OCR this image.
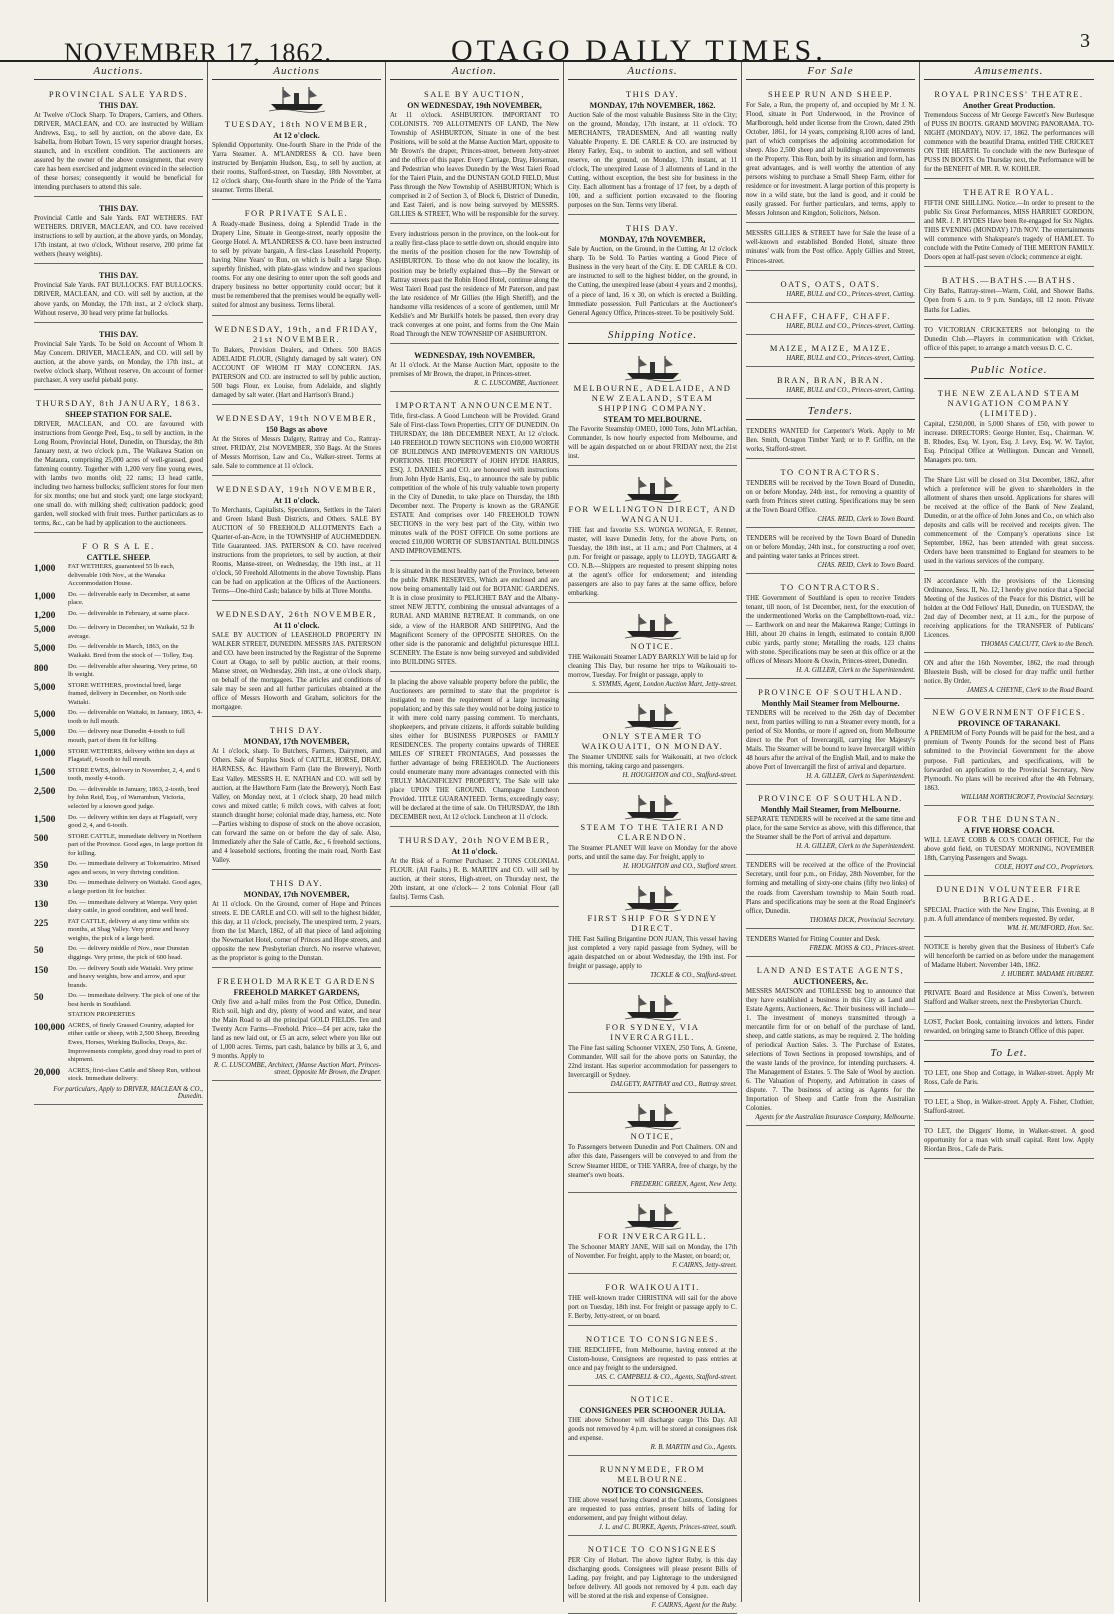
NOVEMBER 17, 1862.	OTAGO DAILY TIMES.	3
Auctions.
PROVINCIAL SALE YARDS.
THIS DAY.
At Twelve o'Clock Sharp. To Drapers, Carriers, and Others. DRIVER, MACLEAN, and CO. are instructed by William Andrews, Esq., to sell by auction, on the above date, Ex Isabella, from Hobart Town, 15 very superior draught horses, staunch, and in excellent condition. The auctioneers are assured by the owner of the above consignment, that every care has been exercised and judgment evinced in the selection of these horses; consequently it would be beneficial for intending purchasers to attend this sale.
THIS DAY.
Provincial Cattle and Sale Yards. FAT WETHERS. FAT WETHERS. DRIVER, MACLEAN, and CO. have received instructions to sell by auction, at the above yards, on Monday, 17th instant, at two o'clock, Without reserve, 200 prime fat wethers (heavy weights).
THIS DAY.
Provincial Sale Yards. FAT BULLOCKS. FAT BULLOCKS. DRIVER, MACLEAN, and CO. will sell by auction, at the above yards, on Monday, the 17th inst., at 2 o'clock sharp, Without reserve, 30 head very prime fat bullocks.
THIS DAY.
Provincial Sale Yards. To be Sold on Account of Whom It May Concern. DRIVER, MACLEAN, and CO. will sell by auction, at the above yards, on Monday, the 17th inst., at twelve o'clock sharp, Without reserve, On account of former purchaser, A very useful piebald pony.
THURSDAY, 8th JANUARY, 1863.
SHEEP STATION FOR SALE.
DRIVER, MACLEAN, and CO. are favoured with instructions from George Peel, Esq., to sell by auction, in the Long Room, Provincial Hotel, Dunedin, on Thursday, the 8th January next, at two o'clock p.m., The Waikawa Station on the Mataura, comprising 25,000 acres of well-grassed, good fattening country. Together with 1,200 very fine young ewes, with lambs two months old; 22 rams; 13 head cattle, including two harness bullocks; sufficient stores for four men for six months; one hut and stock yard; one large stockyard; one small do. with milking shed; cultivation paddock; good garden, well stocked with fruit trees. Further particulars as to terms, &c., can be had by application to the auctioneers.
F O R S A L E.
CATTLE. SHEEP.
1,000	FAT WETHERS, guaranteed 55 lb each, deliverable 10th Nov., at the Wanaka Accommodation House.
1,000	Do. — deliverable early in December, at same place.
1,200	Do. — deliverable in February, at same place.
5,000	Do. — delivery in December, on Waikaki, 52 lb average.
5,000	Do. — deliverable in March, 1863, on the Waikaki. Bred from the stock of — Tolley, Esq.
800	Do. — deliverable after shearing. Very prime, 60 lb weight.
5,000	STORE WETHERS, provincial bred, large framed, delivery in December, on North side Waitaki.
5,000	Do. — deliverable on Waitaki, in January, 1863, 4-tooth to full mouth.
5,000	Do. — delivery near Dunedin 4-tooth to full mouth, part of them fit for killing.
1,000	STORE WETHERS, delivery within ten days at Flagstaff, 6-tooth to full mouth.
1,500	STORE EWES, delivery in November, 2, 4, and 6 tooth, mostly 4-tooth.
2,500	Do. — deliverable in January, 1863, 2-tooth, bred by John Reid, Esq., of Warrambun, Victoria, selected by a known good judge.
1,500	Do. — delivery within ten days at Flagstaff, very good 2, 4, and 6-tooth.
500	STORE CATTLE, immediate delivery in Northern part of the Province. Good ages, in large portion fit for killing.
350	Do. — immediate delivery at Tokomairiro. Mixed ages and sexes, in very thriving condition.
330	Do. — immediate delivery on Waitaki. Good ages, a large portion fit for butcher.
130	Do. — immediate delivery at Warepa. Very quiet dairy cattle, in good condition, and well bred.
225	FAT CATTLE, delivery at any time within six months, at Shag Valley. Very prime and heavy weights, the pick of a large herd.
50	Do. — delivery middle of Nov., near Dunstan diggings. Very prime, the pick of 600 head.
150	Do. — delivery South side Waitaki. Very prime and heavy weights, bow and arrow, and spur brands.
50	Do. — immediate delivery. The pick of one of the best herds in Southland.
STATION PROPERTIES
100,000 ACRES, of finely Grassed Country, adapted for either cattle or sheep, with 2,500 Sheep, Breeding Ewes, Horses, Working Bullocks, Drays, &c. Improvements complete, good dray road to port of shipment.
20,000	ACRES, first-class Cattle and Sheep Run, without stock. Immediate delivery.
For particulars, Apply to DRIVER, MACLEAN & CO., Dunedin.
Auctions
TUESDAY, 18th NOVEMBER,
At 12 o'clock.
Splendid Opportunity. One-fourth Share in the Pride of the Yarra Steamer. A. M'LANDRESS & CO. have been instructed by Benjamin Hudson, Esq., to sell by auction, at their rooms, Stafford-street, on Tuesday, 18th November, at 12 o'clock sharp, One-fourth share in the Pride of the Yarra steamer. Terms liberal.
FOR PRIVATE SALE.
A Ready-made Business, doing a Splendid Trade in the Drapery Line, Situate in George-street, nearly opposite the George Hotel. A. M'LANDRESS & CO. have been instructed to sell by private bargain, A first-class Leasehold Property, having Nine Years' to Run, on which is built a large Shop, superbly finished, with plate-glass window and two spacious rooms. For any one desiring to enter upon the soft goods and drapery business no better opportunity could occur; but it must be remembered that the premises would be equally well-suited for almost any business. Terms liberal.
WEDNESDAY, 19th, and FRIDAY, 21st NOVEMBER.
To Bakers, Provision Dealers, and Others. 500 BAGS ADELAIDE FLOUR, (Slightly damaged by salt water). ON ACCOUNT OF WHOM IT MAY CONCERN. JAS. PATERSON and CO. are instructed to sell by public auction, 500 bags Flour, ex Louise, from Adelaide, and slightly damaged by salt water. (Hart and Harrison's Brand.)
WEDNESDAY, 19th NOVEMBER,
150 Bags as above
At the Stores of Messrs Dalgety, Rattray and Co., Rattray-street. FRIDAY, 21st NOVEMBER, 350 Bags. At the Stores of Messrs Morrison, Law and Co., Walker-street. Terms at sale. Sale to commence at 11 o'clock.
WEDNESDAY, 19th NOVEMBER,
At 11 o'clock.
To Merchants, Capitalists, Speculators, Settlers in the Taieri and Green Island Bush Districts, and Others. SALE BY AUCTION of 50 FREEHOLD ALLOTMENTS Each a Quarter-of-an-Acre, in the TOWNSHIP of AUCHMEDDEN. Title Guaranteed. JAS. PATERSON & CO. have received instructions from the proprietors, to sell by auction, at their Rooms, Manse-street, on Wednesday, the 19th inst., at 11 o'clock, 50 Freehold Allotments in the above Township. Plans can be had on application at the Offices of the Auctioneers. Terms—One-third Cash; balance by bills at Three Months.
WEDNESDAY, 26th NOVEMBER,
At 11 o'clock.
SALE BY AUCTION of LEASEHOLD PROPERTY IN WALKER STREET, DUNEDIN. MESSRS JAS. PATERSON and CO. have been instructed by the Registrar of the Supreme Court at Otago, to sell by public auction, at their rooms, Manse street, on Wednesday, 26th inst., at one o'clock sharp, on behalf of the mortgagees. The articles and conditions of sale may be seen and all further particulars obtained at the office of Messrs Howorth and Graham, solicitors for the mortgagee.
THIS DAY.
MONDAY, 17th NOVEMBER,
At 1 o'clock, sharp. To Butchers, Farmers, Dairymen, and Others. Sale of Surplus Stock of CATTLE, HORSE, DRAY, HARNESS, &c. Hawthorn Farm (late the Brewery), North East Valley. MESSRS H. E. NATHAN and CO. will sell by auction, at the Hawthorn Farm (late the Brewery), North East Valley, on Monday next, at 1 o'clock sharp, 20 head milch cows and mixed cattle; 6 milch cows, with calves at foot; staunch draught horse; colonial made dray, harness, etc. Note—Parties wishing to dispose of stock on the above occasion, can forward the same on or before the day of sale. Also, Immediately after the Sale of Cattle, &c., 6 freehold sections, and 4 leasehold sections, fronting the main road, North East Valley.
THIS DAY.
MONDAY, 17th NOVEMBER,
At 11 o'clock. On the Ground, corner of Hope and Princes streets. E. DE CARLE and CO. will sell to the highest bidder, this day, at 11 o'clock, precisely, The unexpired term, 2 years, from the 1st March, 1862, of all that piece of land adjoining the Newmarket Hotel, corner of Princes and Hope streets, and opposite the new Presbyterian church. No reserve whatever, as the proprietor is going to the Dunstan.
FREEHOLD MARKET GARDENS
FREEHOLD MARKET GARDENS,
Only five and a-half miles from the Post Office, Dunedin. Rich soil, high and dry, plenty of wood and water, and near the Main Road to all the principal GOLD FIELDS. Ten and Twenty Acre Farms—Freehold. Price—£4 per acre, take the land as new laid out, or £5 an acre, select where you like out of 1,000 acres. Terms, part cash, balance by bills at 3, 6, and 9 months. Apply to
R. C. LUSCOMBE, Architect, (Manse Auction Mart, Princes-street, Opposite Mr Brown, the Draper.
Auction.
SALE BY AUCTION,
ON WEDNESDAY, 19th NOVEMBER,
At 11 o'clock. ASHBURTON. IMPORTANT TO COLONISTS. 709 ALLOTMENTS OF LAND, The New Township of ASHBURTON, Situate in one of the best Positions, will be sold at the Manse Auction Mart, opposite to Mr Brown's the draper, Princes-street, between Jetty-street and the office of this paper. Every Carriage, Dray, Horseman, and Pedestrian who leaves Dunedin by the West Taieri Road for the Taieri Plain, and the DUNSTAN GOLD FIELD, Must Pass through the New Township of ASHBURTON; Which is comprised in 2 of Section 3, of Block 6, District of Dunedin, and East Taieri, and is now being surveyed by MESSRS. GILLIES & STREET, Who will be responsible for the survey.
Every industrious person in the province, on the look-out for a really first-class place to settle down on, should enquire into the merits of the position chosen for the new Township of ASHBURTON. To those who do not know the locality, its position may be briefly explained thus—By the Stewart or Rattray streets past the Robin Hood Hotel, continue along the West Taieri Road past the residence of Mr Paterson, and past the late residence of Mr Gillies (the High Sheriff), and the handsome villa residences of a score of gentlemen, until Mr Kedslie's and Mr Burkill's hotels be passed, then every dray track converges at one point, and forms from the One Main Road Through the NEW TOWNSHIP OF ASHBURTON.
WEDNESDAY, 19th NOVEMBER,
At 11 o'clock. At the Manse Auction Mart, opposite to the premises of Mr Brown, the draper, in Princes-street.
R. C. LUSCOMBE, Auctioneer.
IMPORTANT ANNOUNCEMENT.
Title, first-class. A Good Luncheon will be Provided. Grand Sale of First-class Town Properties, CITY OF DUNEDIN. On THURSDAY, the 18th DECEMBER NEXT, At 12 o'clock. 140 FREEHOLD TOWN SECTIONS with £10,000 WORTH OF BUILDINGS AND IMPROVEMENTS ON VARIOUS PORTIONS. THE PROPERTY of JOHN HYDE HARRIS, ESQ. J. DANIELS and CO. are honoured with instructions from John Hyde Harris, Esq., to announce the sale by public competition of the whole of his truly valuable town property in the City of Dunedin, to take place on Thursday, the 18th December next. The Property is known as the GRANGE ESTATE And comprises over 140 FREEHOLD TOWN SECTIONS in the very best part of the City, within two minutes walk of the POST OFFICE On some portions are erected £10,000 WORTH OF SUBSTANTIAL BUILDINGS AND IMPROVEMENTS.
It is situated in the most healthy part of the Province, between the public PARK RESERVES, Which are enclosed and are now being ornamentally laid out for BOTANIC GARDENS. It is in close proximity to PELICHET BAY and the Albany-street NEW JETTY, combining the unusual advantages of a RURAL AND MARINE RETREAT. It commands, on one side, a view of the HARBOR AND SHIPPING, And the Magnificent Scenery of the OPPOSITE SHORES. On the other side is the panoramic and delightful picturesque HILL SCENERY. The Estate is now being surveyed and subdivided into BUILDING SITES.
In placing the above valuable property before the public, the Auctioneers are permitted to state that the proprietor is instigated to meet the requirement of a large increasing population; and by this sale they would not be doing justice to it with mere cold narry passing comment. To merchants, shopkeepers, and private citizens, it affords suitable building sites either for BUSINESS PURPOSES or FAMILY RESIDENCES. The property contains upwards of THREE MILES OF STREET FRONTAGES, And possesses the further advantage of being FREEHOLD. The Auctioneers could enumerate many more advantages connected with this TRULY MAGNIFICENT PROPERTY, The Sale will take place UPON THE GROUND. Champagne Luncheon Provided. TITLE GUARANTEED. Terms, exceedingly easy; will be declared at the time of sale. On THURSDAY, the 18th DECEMBER next, At 12 o'clock. Luncheon at 11 o'clock.
THURSDAY, 20th NOVEMBER,
At 11 o'clock.
At the Risk of a Former Purchaser. 2 TONS COLONIAL FLOUR. (All Faults.) R. B. MARTIN and CO. will sell by auction, at their stores, High-street, on Thursday next, the 20th instant, at one o'clock— 2 tons Colonial Flour (all faults). Terms Cash.
Auctions.
THIS DAY.
MONDAY, 17th NOVEMBER, 1862.
Auction Sale of the most valuable Business Site in the City; on the ground, Monday, 17th instant, at 11 o'clock. TO MERCHANTS, TRADESMEN, And all wanting really Valuable Property. E. DE CARLE & CO. are instructed by Henry Farley, Esq., to submit to auction, and sell without reserve, on the ground, on Monday, 17th instant, at 11 o'clock, The unexpired Lease of 3 allotments of Land in the Cutting, without exception, the best site for business in the City. Each allotment has a frontage of 17 feet, by a depth of 100, and a sufficient portion excavated to the flooring purposes on the Sun. Terms very liberal.
THIS DAY.
MONDAY, 17th NOVEMBER,
Sale by Auction, on the Ground, in the Cutting, At 12 o'clock sharp. To be Sold. To Parties wanting a Good Piece of Business in the very heart of the City. E. DE CARLE & CO. are instructed to sell to the highest bidder, on the ground, in the Cutting, the unexpired lease (about 4 years and 2 months), of a piece of land, 16 x 30, on which is erected a Building. Immediate possession. Full Particulars at the Auctioneer's General Agency Office, Princes-street. To be positively Sold.
Shipping Notice.
MELBOURNE, ADELAIDE, AND NEW ZEALAND, STEAM SHIPPING COMPANY.
STEAM TO MELBOURNE.
The Favorite Steamship OMEO, 1000 Tons, John M'Lachlan, Commander, Is now hourly expected from Melbourne, and will be again despatched on or about FRIDAY next, the 21st inst.
FOR WELLINGTON DIRECT, AND WANGANUI.
THE fast and favorite S.S. WONGA WONGA, F. Renner, master, will leave Dunedin Jetty, for the above Ports, on Tuesday, the 18th inst., at 11 a.m.; and Port Chalmers, at 4 p.m. For freight or passage, apply to LLOYD, TAGGART & CO. N.B.—Shippers are requested to present shipping notes at the agent's office for endorsement; and intending passengers are also to pay fares at the same office, before embarking.
NOTICE.
THE Waikouaiti Steamer LADY BARKLY Will be laid up for cleaning This Day, but resume her trips to Waikouaiti to-morrow, Tuesday. For freight or passage, apply to
S. SYMMS, Agent, London Auction Mart, Jetty-street.
ONLY STEAMER TO WAIKOUAITI, ON MONDAY.
The Steamer UNDINE sails for Waikouaiti, at two o'clock this morning, taking cargo and passengers.
H. HOUGHTON and CO., Stafford-street.
STEAM TO THE TAIERI AND CLARENDON.
The Steamer PLANET Will leave on Monday for the above ports, and until the same day. For freight, apply to
H. HOUGHTON and CO., Stafford street.
FIRST SHIP FOR SYDNEY DIRECT.
THE Fast Sailing Brigantine DON JUAN, This vessel having just completed a very rapid passage from Sydney, will be again despatched on or about Wednesday, the 19th inst. For freight or passage, apply to
TICKLE & CO., Stafford-street.
FOR SYDNEY, VIA INVERCARGILL.
The Fine fast sailing Schooner VIXEN, 250 Tons, A. Greene, Commander, Will sail for the above ports on Saturday, the 22nd instant. Has superior accommodation for passengers to Invercargill or Sydney.
DALGETY, RATTRAY and CO., Rattray street.
NOTICE,
To Passengers between Dunedin and Port Chalmers. ON and after this date, Passengers will be conveyed to and from the Screw Steamer HIDE, or THE YARRA, free of charge, by the steamer's own boats.
FREDERIC GREEN, Agent, New Jetty.
FOR INVERCARGILL.
The Schooner MARY JANE, Will sail on Monday, the 17th of November. For freight, apply to the Master, on board; or,
F. CAIRNS, Jetty-street.
FOR WAIKOUAITI.
THE well-known trader CHRISTINA will sail for the above port on Tuesday, 18th inst. For freight or passage apply to C. F. Berby, Jetty-street, or on board.
NOTICE TO CONSIGNEES.
THE REDCLIFFE, from Melbourne, having entered at the Custom-house, Consignees are requested to pass entries at once and pay freight to the undersigned.
JAS. C. CAMPBELL & CO., Agents, Stafford-street.
NOTICE.
CONSIGNEES PER SCHOONER JULIA.
THE above Schooner will discharge cargo This Day. All goods not removed by 4 p.m. will be stored at consignees risk and expense.
R. B. MARTIN and Co., Agents.
RUNNYMEDE, FROM MELBOURNE.
NOTICE TO CONSIGNEES.
THE above vessel having cleared at the Customs, Consignees are requested to pass entries, present bills of lading for endorsement, and pay freight without delay.
J. L. and C. BURKE, Agents, Princes-street, south.
NOTICE TO CONSIGNEES
PER City of Hobart. The above lighter Ruby, is this day discharging goods. Consignees will please present Bills of Lading, pay freight, and pay Lighterage to the undersigned before delivery. All goods not removed by 4 p.m. each day will be stored at the risk and expense of Consignee.
F. CAIRNS, Agent for the Ruby.
For Sale
SHEEP RUN AND SHEEP.
For Sale, a Run, the property of, and occupied by Mr J. N. Flood, situate in Port Underwood, in the Province of Marlborough, held under license from the Crown, dated 29th October, 1861, for 14 years, comprising 8,100 acres of land, part of which comprises the adjoining accommodation for sheep. Also 2,500 sheep and all buildings and improvements on the Property. This Run, both by its situation and form, has great advantages, and is well worthy the attention of any persons wishing to purchase a Small Sheep Farm, either for residence or for investment. A large portion of this property is now in a wild state, but the land is good, and it could be easily grassed. For further particulars, and terms, apply to Messrs Johnson and Kingdon, Solicitors, Nelson.
MESSRS GILLIES & STREET have for Sale the lease of a well-known and established Bonded Hotel, situate three minutes' walk from the Post office. Apply Gillies and Street, Princes-street.
OATS, OATS, OATS.
HARE, BULL and CO., Princes-street, Cutting.
CHAFF, CHAFF, CHAFF.
HARE, BULL and CO., Princes-street, Cutting.
MAIZE, MAIZE, MAIZE.
HARE, BULL and CO., Princes-street, Cutting.
BRAN, BRAN, BRAN.
HARE, BULL and CO., Princes-street, Cutting.
Tenders.
TENDERS WANTED for Carpenter's Work. Apply to Mr Ben. Smith, Octagon Timber Yard; or to P. Griffin, on the works, Stafford-street.
TO CONTRACTORS.
TENDERS will be received by the Town Board of Dunedin, on or before Monday, 24th inst., for removing a quantity of earth from Princes street cutting. Specifications may be seen at the Town Board Office.
CHAS. REID, Clerk to Town Board.
TENDERS will be received by the Town Board of Dunedin on or before Monday, 24th inst., for constructing a roof over, and painting water tanks at Princes street.
CHAS. REID, Clerk to Town Board.
TO CONTRACTORS.
THE Government of Southland is open to receive Tenders tenant, till noon, of 1st December, next, for the execution of the undermentioned Works on the Campbelltown-road, viz.:— Earthwork on and near the Makarewa Range; Cuttings in Hill, about 20 chains in length, estimated to contain 8,000 cubic yards, partly stone; Metalling the roads, 123 chains with stone. Specifications may be seen at this office or at the offices of Messrs Moore & Oswin, Princes-street, Dunedin.
H. A. GILLER, Clerk to the Superintendent.
PROVINCE OF SOUTHLAND.
Monthly Mail Steamer from Melbourne.
TENDERS will be received to the 26th day of December next, from parties willing to run a Steamer every month, for a period of Six Months, or more if agreed on, from Melbourne direct to the Port of Invercargill, carrying Her Majesty's Mails. The Steamer will be bound to leave Invercargill within 48 hours after the arrival of the English Mail, and to make the above Port of Invercargill the first of arrival and departure.
H. A. GILLER, Clerk to Superintendent.
PROVINCE OF SOUTHLAND.
Monthly Mail Steamer, from Melbourne.
SEPARATE TENDERS will be received at the same time and place, for the same Service as above, with this difference, that the Steamer shall be the Port of arrival and departure.
H. A. GILLER, Clerk to the Superintendent.
TENDERS will be received at the office of the Provincial Secretary, until four p.m., on Friday, 28th November, for the forming and metalling of sixty-one chains (fifty two links) of the roads from Caversham township to Main South road. Plans and specifications may be seen at the Road Engineer's office, Dunedin.
THOMAS DICK, Provincial Secretary.
TENDERS Wanted for Fitting Counter and Desk.
FREDK. MOSS & CO., Princes-street.
LAND AND ESTATE AGENTS,
AUCTIONEERS, &c.
MESSRS MATSON and TORLESSE beg to announce that they have established a business in this City as Land and Estate Agents, Auctioneers, &c. Their business will include— 1. The investment of moneys transmitted through a mercantile firm for or on behalf of the purchase of land, sheep, and cattle stations, as may be required. 2. The holding of periodical Auction Sales. 3. The Purchase of Estates, selections of Town Sections in proposed townships, and of the waste lands of the province, for intending purchasers. 4. The Management of Estates. 5. The Sale of Wool by auction. 6. The Valuation of Property, and Arbitration in cases of dispute. 7. The business of acting as Agents for the Importation of Sheep and Cattle from the Australian Colonies.
Agents for the Australian Insurance Company, Melbourne.
Amusements.
ROYAL PRINCESS' THEATRE.
Another Great Production.
Tremendous Success of Mr George Fawcett's New Burlesque of PUSS IN BOOTS. GRAND MOVING PANORAMA. TO-NIGHT (MONDAY), NOV. 17, 1862. The performances will commence with the beautiful Drama, entitled THE CRICKET ON THE HEARTH. To conclude with the new Burlesque of PUSS IN BOOTS. On Thursday next, the Performance will be for the BENEFIT of MR. R. W. KOHLER.
THEATRE ROYAL.
FIFTH ONE SHILLING. Notice.—In order to present to the public Six Great Performances, MISS HARRIET GORDON, and MR. J. P. HYDES Have been Re-engaged for Six Nights. THIS EVENING (MONDAY) 17th NOV. The entertainments will commence with Shakspeare's tragedy of HAMLET. To conclude with the Petite Comedy of THE MERTON FAMILY. Doors open at half-past seven o'clock; commence at eight.
BATHS.—BATHS.—BATHS.
City Baths, Rattray-street—Warm, Cold, and Shower Baths. Open from 6 a.m. to 9 p.m. Sundays, till 12 noon. Private Baths for Ladies.
TO VICTORIAN CRICKETERS not belonging to the Dunedin Club.—Players in communication with Cricket, office of this paper, to arrange a match versus D. C. C.
Public Notice.
THE NEW ZEALAND STEAM NAVIGATION COMPANY (LIMITED).
Capital, £250,000, in 5,000 Shares of £50, with power to increase. DIRECTORS: George Hunter, Esq., Chairman. W. B. Rhodes, Esq. W. Lyon, Esq. J. Levy, Esq. W. W. Taylor, Esq. Principal Office at Wellington. Duncan and Vennell, Managers pro. tem.
The Share List will be closed on 31st December, 1862, after which a preference will be given to shareholders in the allotment of shares then unsold. Applications for shares will be received at the office of the Bank of New Zealand, Dunedin, or at the office of John Jones and Co., on which also deposits and calls will be received and receipts given. The commencement of the Company's operations since 1st September, 1862, has been attended with great success. Orders have been transmitted to England for steamers to be used in the various services of the company.
IN accordance with the provisions of the Licensing Ordinance, Sess. II, No. 12, I hereby give notice that a Special Meeting of the Justices of the Peace for this District, will be holden at the Odd Fellows' Hall, Dunedin, on TUESDAY, the 2nd day of December next, at 11 a.m., for the purpose of receiving applications for the TRANSFER of Publicans' Licences.
THOMAS CALCUTT, Clerk to the Bench.
ON and after the 16th November, 1862, the road through Bluestein Bush, will be closed for dray traffic until further notice. By Order,
JAMES A. CHEYNE, Clerk to the Road Board.
NEW GOVERNMENT OFFICES.
PROVINCE OF TARANAKI.
A PREMIUM of Forty Pounds will be paid for the best, and a premium of Twenty Pounds for the second best of Plans submitted to the Provincial Government for the above purpose. Full particulars, and specifications, will be forwarded on application to the Provincial Secretary, New Plymouth. No plans will be received after the 4th February, 1863.
WILLIAM NORTHCROFT, Provincial Secretary.
FOR THE DUNSTAN.
A FIVE HORSE COACH.
WILL LEAVE COBB & CO.'S COACH OFFICE, For the above gold field, on TUESDAY MORNING, NOVEMBER 18th, Carrying Passengers and Swags.
COLE, HOYT and CO., Proprietors.
DUNEDIN VOLUNTEER FIRE BRIGADE.
SPECIAL Practice with the New Engine, This Evening, at 8 p.m. A full attendance of members requested. By order,
WM. H. MUMFORD, Hon. Sec.
NOTICE is hereby given that the Business of Hubert's Cafe will henceforth be carried on as before under the management of Madame Hubert. November 14th, 1862.
J. HUBERT. MADAME HUBERT.
PRIVATE Board and Residence at Miss Cowen's, between Stafford and Walker streets, next the Presbyterian Church.
LOST, Pocket Book, containing invoices and letters. Finder rewarded, on bringing same to Branch Office of this paper.
To Let.
TO LET, one Shop and Cottage, in Walker-street. Apply Mr Ross, Cafe de Paris.
TO LET, a Shop, in Walker-street. Apply A. Fisher, Clothier, Stafford-street.
TO LET, the Diggers' Home, in Walker-street. A good opportunity for a man with small capital. Rent low. Apply Riordan Bros., Cafe de Paris.
